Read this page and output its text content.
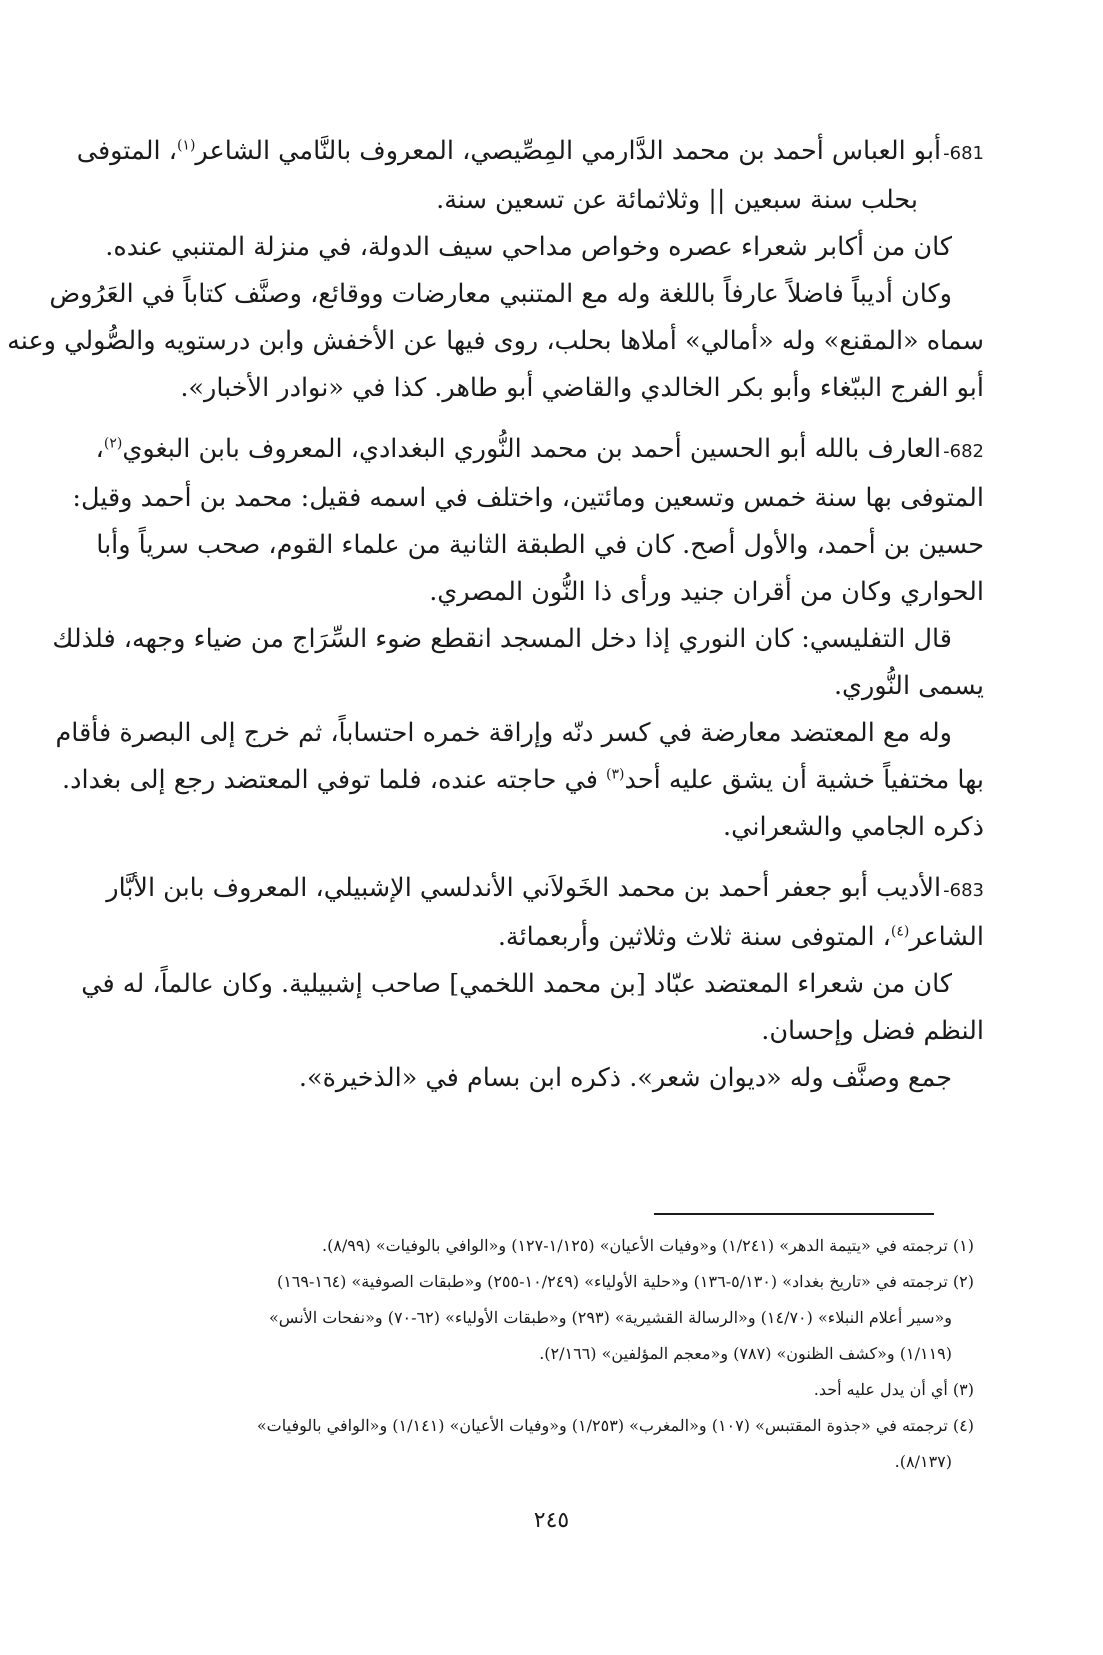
681-أبو العباس أحمد بن محمد الدَّارمي المِصِّيصي، المعروف بالنَّامي الشاعر$^{(١)}$، المتوفى

بحلب سنة سبعين || وثلاثمائة عن تسعين سنة.

كان من أكابر شعراء عصره وخواص مداحي سيف الدولة، في منزلة المتنبي عنده.

وكان أديباً فاضلاً عارفاً باللغة وله مع المتنبي معارضات ووقائع، وصنَّف كتاباً في العَرُوض

سماه «المقنع» وله «أمالي» أملاها بحلب، روى فيها عن الأخفش وابن درستويه والصُّولي وعنه

أبو الفرج الببّغاء وأبو بكر الخالدي والقاضي أبو طاهر. كذا في «نوادر الأخبار».

682-العارف بالله أبو الحسين أحمد بن محمد النُّوري البغدادي، المعروف بابن البغوي$^{(٢)}$،

المتوفى بها سنة خمس وتسعين ومائتين، واختلف في اسمه فقيل: محمد بن أحمد وقيل:

حسين بن أحمد، والأول أصح. كان في الطبقة الثانية من علماء القوم، صحب سرياً وأبا

الحواري وكان من أقران جنيد ورأى ذا النُّون المصري.

قال التفليسي: كان النوري إذا دخل المسجد انقطع ضوء السِّرَاج من ضياء وجهه، فلذلك

يسمى النُّوري.

وله مع المعتضد معارضة في كسر دنّه وإراقة خمره احتساباً، ثم خرج إلى البصرة فأقام

بها مختفياً خشية أن يشق عليه أحد$^{(٣)}$ في حاجته عنده، فلما توفي المعتضد رجع إلى بغداد.

ذكره الجامي والشعراني.

683-الأديب أبو جعفر أحمد بن محمد الخَولاَني الأندلسي الإشبيلي، المعروف بابن الأبَّار

الشاعر$^{(٤)}$، المتوفى سنة ثلاث وثلاثين وأربعمائة.

كان من شعراء المعتضد عبّاد [بن محمد اللخمي] صاحب إشبيلية. وكان عالماً، له في

النظم فضل وإحسان.

جمع وصنَّف وله «ديوان شعر». ذكره ابن بسام في «الذخيرة».

(١) ترجمته في «يتيمة الدهر» (١/٢٤١) و«وفيات الأعيان» (١/١٢٥-١٢٧) و«الوافي بالوفيات» (٨/٩٩).

(٢) ترجمته في «تاريخ بغداد» (٥/١٣٠-١٣٦) و«حلية الأولياء» (١٠/٢٤٩-٢٥٥) و«طبقات الصوفية» (١٦٤-١٦٩)

و«سير أعلام النبلاء» (١٤/٧٠) و«الرسالة القشيرية» (٢٩٣) و«طبقات الأولياء» (٦٢-٧٠) و«نفحات الأنس»

(١/١١٩) و«كشف الظنون» (٧٨٧) و«معجم المؤلفين» (٢/١٦٦).

(٣) أي أن يدل عليه أحد.

(٤) ترجمته في «جذوة المقتبس» (١٠٧) و«المغرب» (١/٢٥٣) و«وفيات الأعيان» (١/١٤١) و«الوافي بالوفيات»

(٨/١٣٧).

٢٤٥
